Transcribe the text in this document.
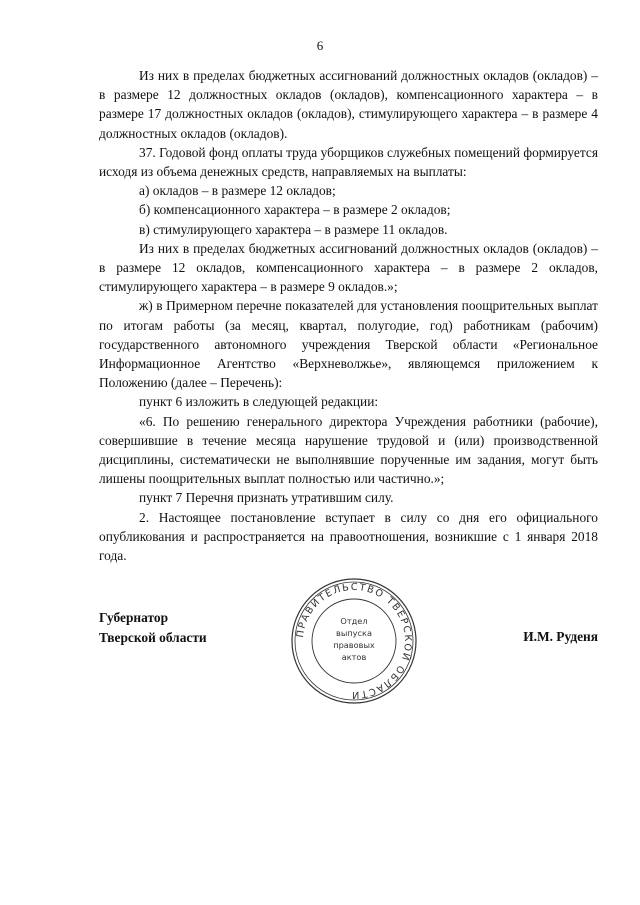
6

Из них в пределах бюджетных ассигнований должностных окладов (окладов) – в размере 12 должностных окладов (окладов), компенсационного характера – в размере 17 должностных окладов (окладов), стимулирующего характера – в размере 4 должностных окладов (окладов).

37. Годовой фонд оплаты труда уборщиков служебных помещений формируется исходя из объема денежных средств, направляемых на выплаты:

а) окладов – в размере 12 окладов;

б) компенсационного характера – в размере 2 окладов;

в) стимулирующего характера – в размере 11 окладов.

Из них в пределах бюджетных ассигнований должностных окладов (окладов) – в размере 12 окладов, компенсационного характера – в размере 2 окладов, стимулирующего характера – в размере 9 окладов.»;

ж) в Примерном перечне показателей для установления поощрительных выплат по итогам работы (за месяц, квартал, полугодие, год) работникам (рабочим) государственного автономного учреждения Тверской области «Региональное Информационное Агентство «Верхневолжье», являющемся приложением к Положению (далее – Перечень):

пункт 6 изложить в следующей редакции:

«6. По решению генерального директора Учреждения работники (рабочие), совершившие в течение месяца нарушение трудовой и (или) производственной дисциплины, систематически не выполнявшие порученные им задания, могут быть лишены поощрительных выплат полностью или частично.»;

пункт 7 Перечня признать утратившим силу.

2. Настоящее постановление вступает в силу со дня его официального опубликования и распространяется на правоотношения, возникшие с 1 января 2018 года.

Губернатор
Тверской области	И.М. Руденя
ПРАВИТЕЛЬСТВО ТВЕРСКОЙ ОБЛАСТИ
Отдел
выпуска
правовых
актов
